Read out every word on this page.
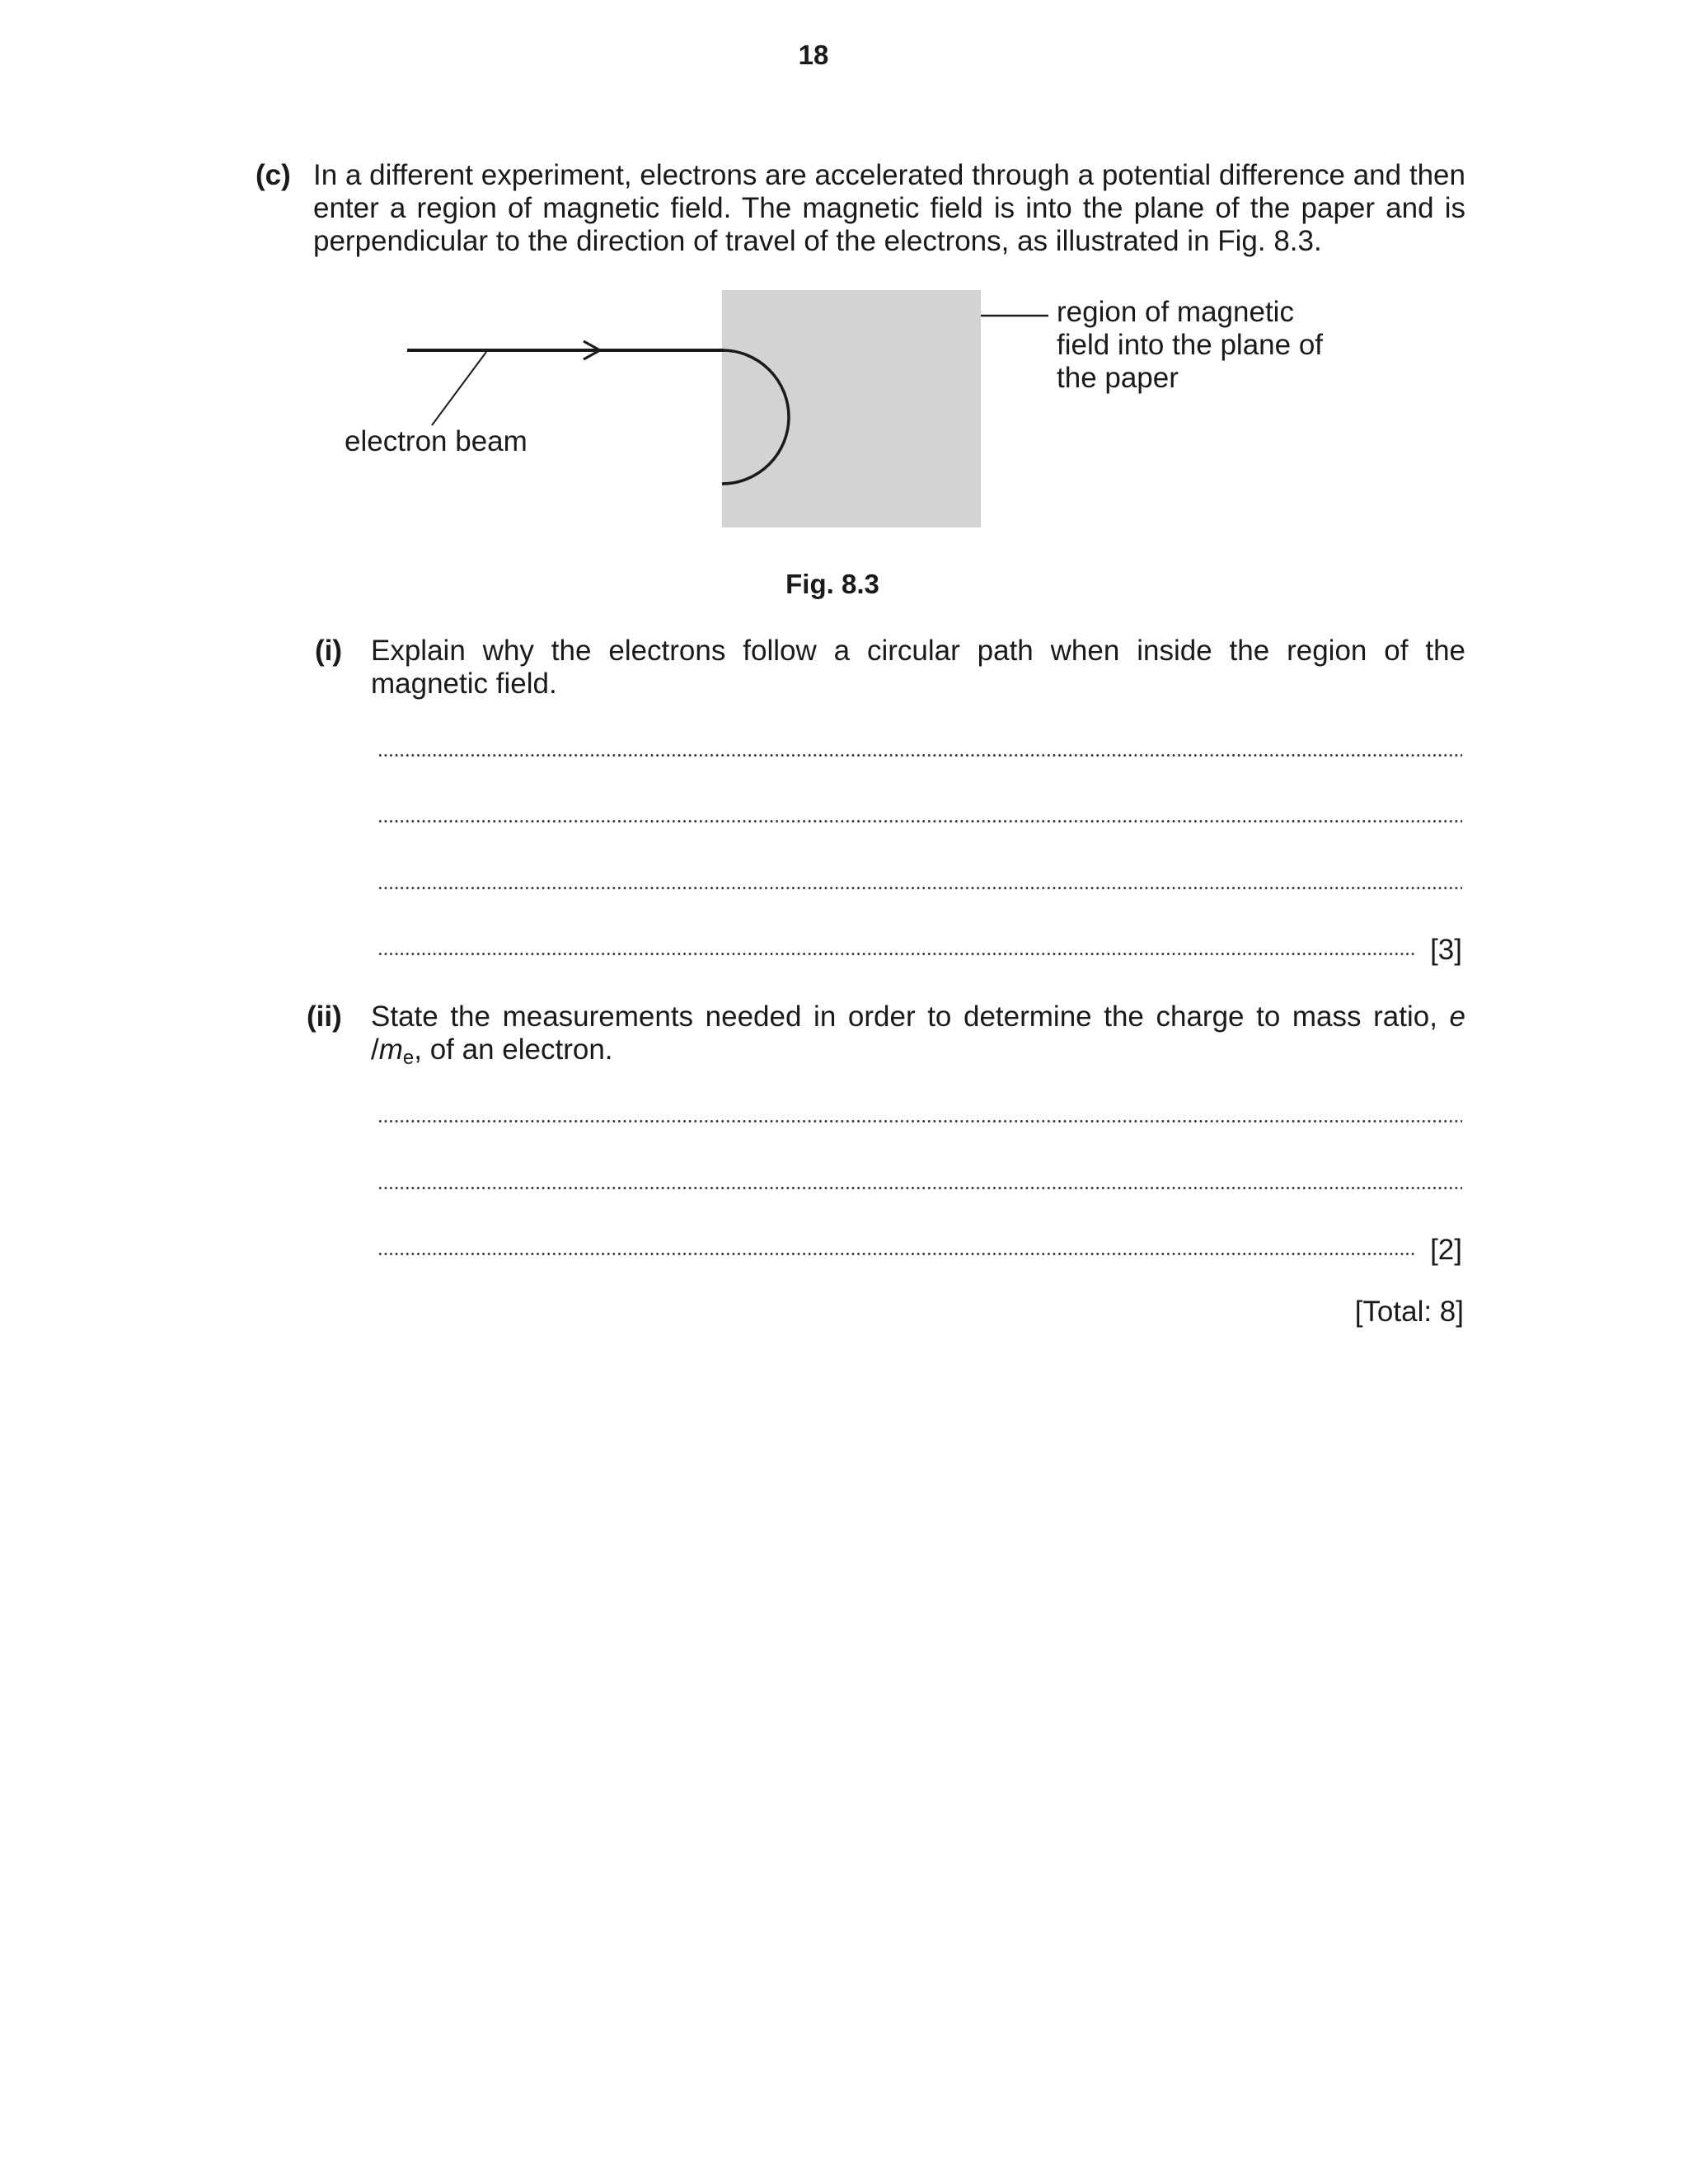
18
(c) In a different experiment, electrons are accelerated through a potential difference and then enter a region of magnetic field. The magnetic field is into the plane of the paper and is perpendicular to the direction of travel of the electrons, as illustrated in Fig. 8.3.
region of magnetic field into the plane of the paper
electron beam
Fig. 8.3
(i) Explain why the electrons follow a circular path when inside the region of the magnetic field.
[3]
(ii) State the measurements needed in order to determine the charge to mass ratio, e $/m_e$, of an electron.
[2]
[Total: 8]
